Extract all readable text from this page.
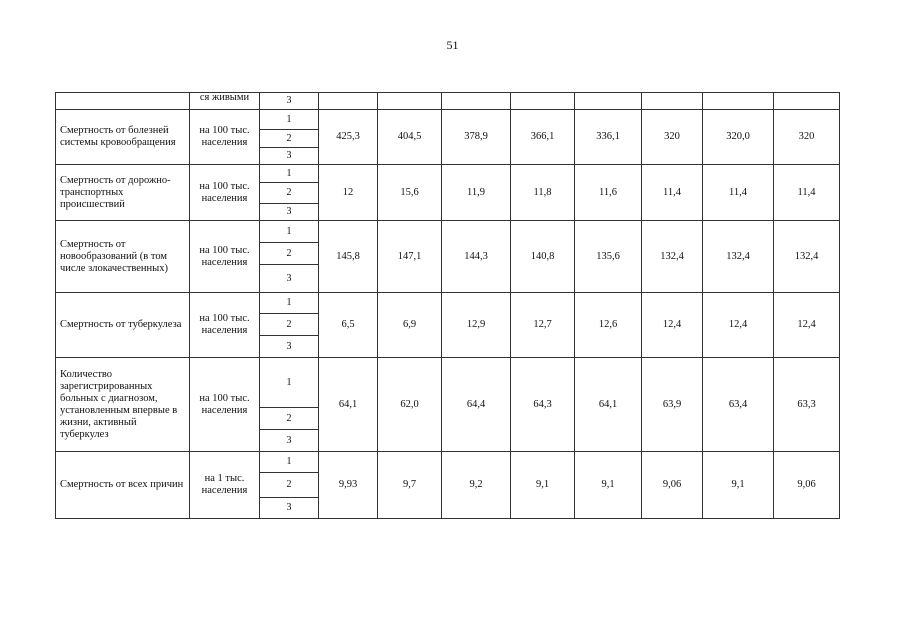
51
	ся живыми	3								
Смертность от болезней системы кровообращения	на 100 тыс. населения	1	425,3	404,5	378,9	366,1	336,1	320	320,0	320
		2								
		3								
Смертность от дорожно-транспортных происшествий	на 100 тыс. населения	1	12	15,6	11,9	11,8	11,6	11,4	11,4	11,4
		2								
		3								
Смертность от новообразований (в том числе злокачественных)	на 100 тыс. населения	1	145,8	147,1	144,3	140,8	135,6	132,4	132,4	132,4
		2								
		3								
Смертность от туберкулеза	на 100 тыс. населения	1	6,5	6,9	12,9	12,7	12,6	12,4	12,4	12,4
		2								
		3								
Количество зарегистрированных больных с диагнозом, установленным впервые в жизни, активный туберкулез	на 100 тыс. населения	1	64,1	62,0	64,4	64,3	64,1	63,9	63,4	63,3
		2								
		3								
Смертность от всех причин	на 1 тыс. населения	1	9,93	9,7	9,2	9,1	9,1	9,06	9,1	9,06
		2								
		3								
